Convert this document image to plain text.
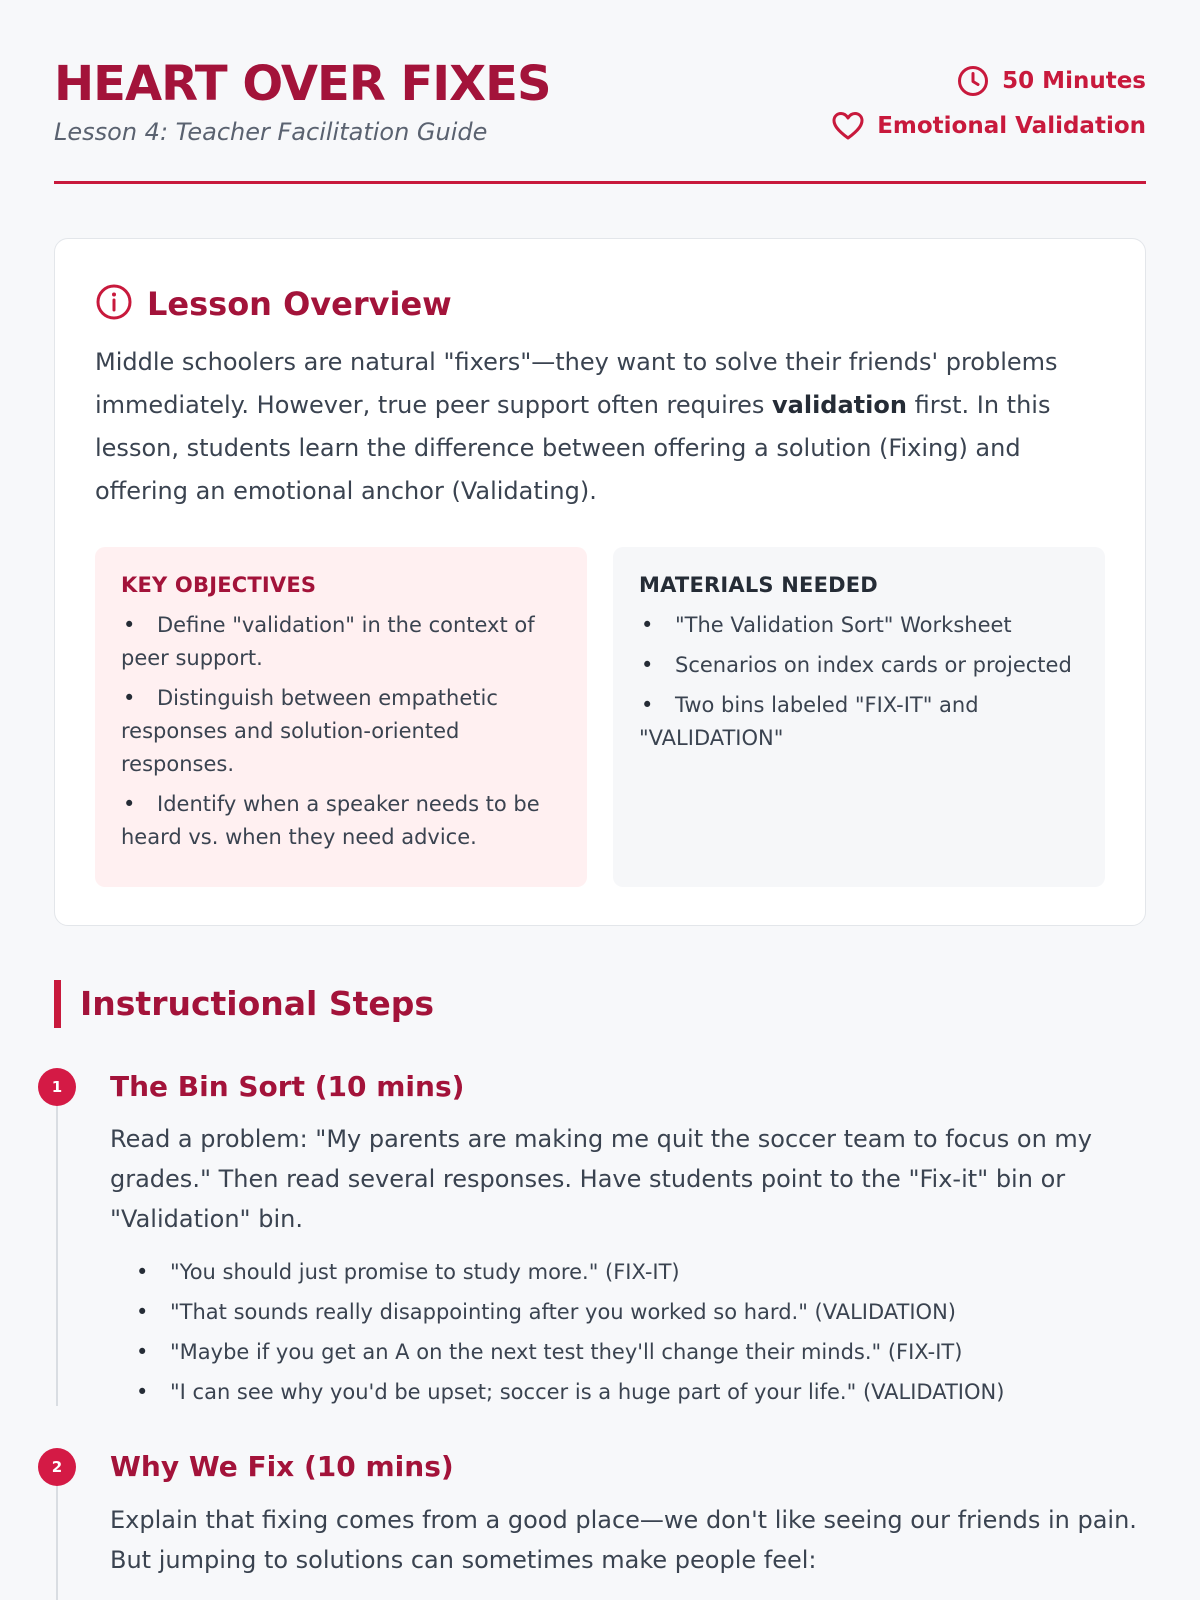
HEART OVER FIXES
Lesson 4: Teacher Facilitation Guide
50 Minutes
Emotional Validation
Lesson Overview

Middle schoolers are natural "fixers"—they want to solve their friends' problems immediately. However, true peer support often requires validation first. In this lesson, students learn the difference between offering a solution (Fixing) and offering an emotional anchor (Validating).

KEY OBJECTIVES
• Define "validation" in the context of peer support.
• Distinguish between empathetic responses and solution-oriented responses.
• Identify when a speaker needs to be heard vs. when they need advice.
MATERIALS NEEDED
• "The Validation Sort" Worksheet
• Scenarios on index cards or projected
• Two bins labeled "FIX-IT" and "VALIDATION"
Instructional Steps
1	The Bin Sort (10 mins)

Read a problem: "My parents are making me quit the soccer team to focus on my grades." Then read several responses. Have students point to the "Fix-it" bin or "Validation" bin.

• "You should just promise to study more." (FIX-IT)
• "That sounds really disappointing after you worked so hard." (VALIDATION)
• "Maybe if you get an A on the next test they'll change their minds." (FIX-IT)
• "I can see why you'd be upset; soccer is a huge part of your life." (VALIDATION)
2	Why We Fix (10 mins)

Explain that fixing comes from a good place—we don't like seeing our friends in pain. But jumping to solutions can sometimes make people feel:
